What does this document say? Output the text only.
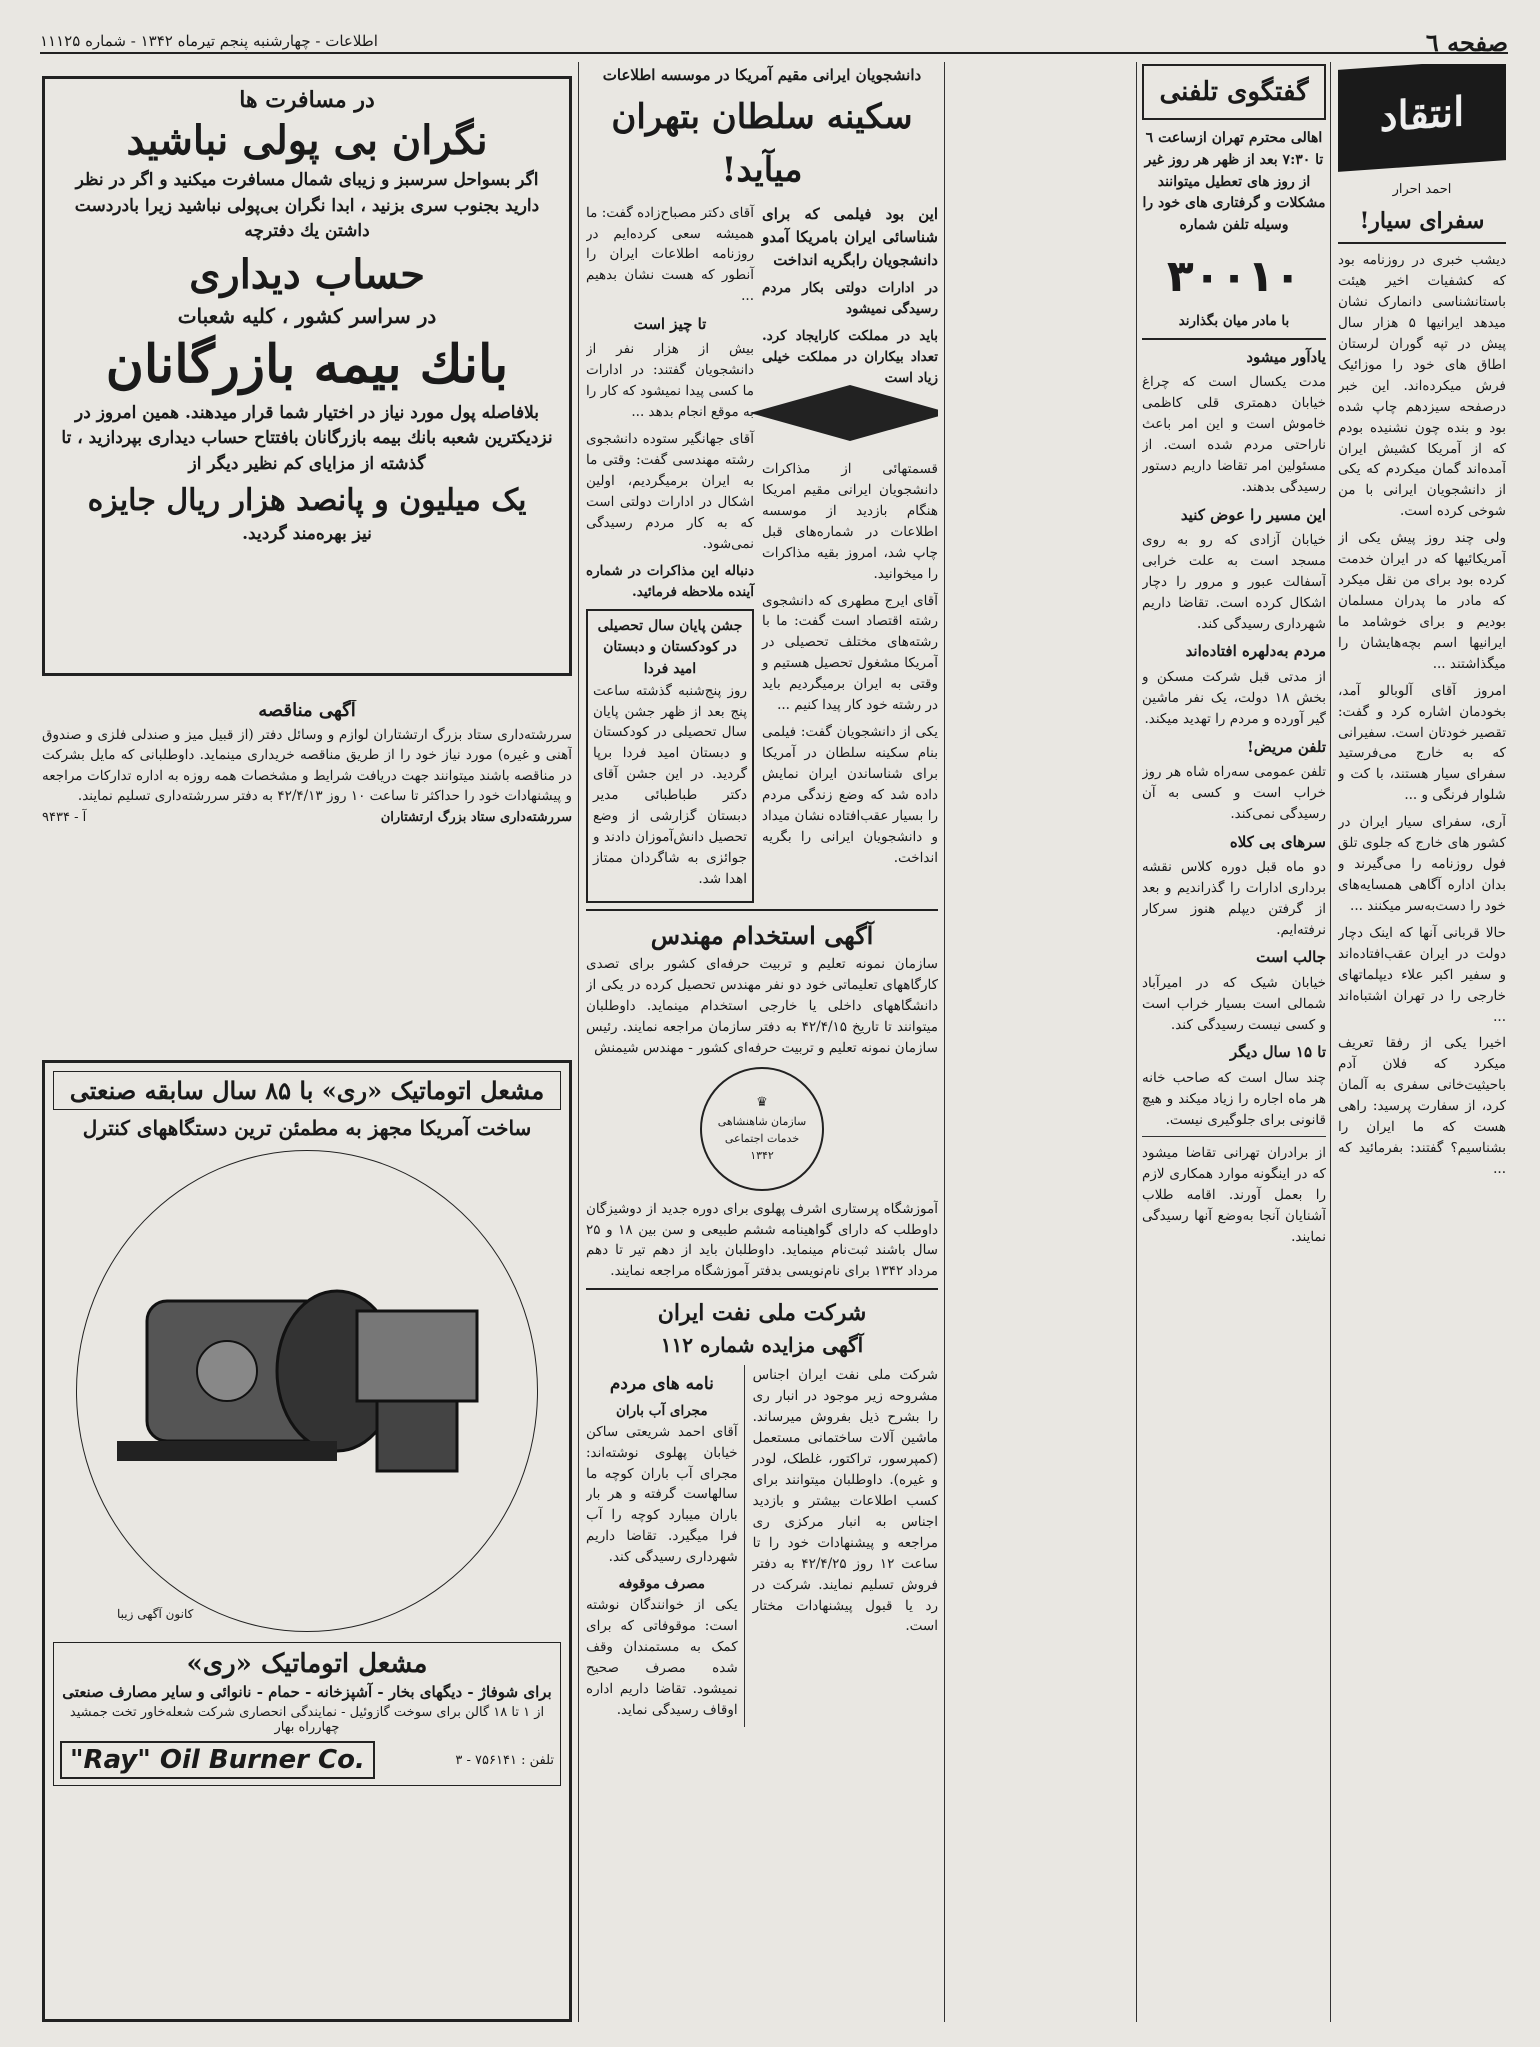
صفحه ٦
اطلاعات - چهارشنبه پنجم تیرماه ۱۳۴۲ - شماره ۱۱۱۲۵
انتقاد
احمد احرار
سفرای سیار!

دیشب خبری در روزنامه بود که کشفیات اخیر هیئت باستانشناسی دانمارک نشان میدهد ایرانیها ۵ هزار سال پیش در تپه گوران لرستان اطاق های خود را موزائیک فرش میکرده‌اند. این خبر درصفحه سیزدهم چاپ شده بود و بنده چون نشنیده بودم که از آمریکا کشیش ایران آمده‌اند گمان میکردم که یکی از دانشجویان ایرانی با من شوخی کرده است.

ولی چند روز پیش یکی از آمریکائیها که در ایران خدمت کرده بود برای من نقل میکرد که مادر ما پدران مسلمان بودیم و برای خوشامد ما ایرانیها اسم بچه‌هایشان را میگذاشتند ...

امروز آقای آلوبالو آمد، بخودمان اشاره کرد و گفت: تقصیر خودتان است. سفیرانی که به خارج می‌فرستید سفرای سیار هستند، با کت و شلوار فرنگی و ...

آری، سفرای سیار ایران در کشور های خارج که جلوی تلق فول روزنامه را می‌گیرند و بدان اداره آگاهی همسایه‌های خود را دست‌به‌سر میکنند ...

حالا قربانی آنها که اینک دچار دولت در ایران عقب‌افتاده‌اند و سفیر اکبر علاء دیپلماتهای خارجی را در تهران اشتباه‌اند ...

اخیرا یکی از رفقا تعریف میکرد که فلان آدم باحیثیت‌خانی سفری به آلمان کرد، از سفارت پرسید: راهی هست که ما ایران را بشناسیم؟ گفتند: بفرمائید که ...

گفتگوی تلفنی

اهالی محترم تهران ازساعت ٦ تا ۷:۳۰ بعد از ظهر هر روز غیر از روز های تعطیل میتوانند مشکلات و گرفتاری های خود را وسیله تلفن شماره

۳۰۰۱۰
با مادر میان بگذارند
یادآور میشود

مدت یکسال است که چراغ خیابان دهمتری قلی کاظمی خاموش است و این امر باعث ناراحتی مردم شده است. از مسئولین امر تقاضا داریم دستور رسیدگی بدهند.

این مسیر را عوض کنید

خیابان آزادی که رو به روی مسجد است به علت خرابی آسفالت عبور و مرور را دچار اشکال کرده است. تقاضا داریم شهرداری رسیدگی کند.

مردم به‌دلهره افتاده‌اند

از مدتی قبل شرکت مسکن و بخش ۱۸ دولت، یک نفر ماشین گیر آورده و مردم را تهدید میکند.

تلفن مریض!

تلفن عمومی سه‌راه شاه هر روز خراب است و کسی به آن رسیدگی نمی‌کند.

سرهای بی کلاه

دو ماه قبل دوره کلاس نقشه برداری ادارات را گذراندیم و بعد از گرفتن دیپلم هنوز سرکار نرفته‌ایم.

جالب است

خیابان شیک که در امیرآباد شمالی است بسیار خراب است و کسی نیست رسیدگی کند.

تا ۱۵ سال دیگر

چند سال است که صاحب خانه هر ماه اجاره را زیاد میکند و هیچ قانونی برای جلوگیری نیست.

از برادران تهرانی تقاضا میشود که در اینگونه موارد همکاری لازم را بعمل آورند. اقامه طلاب آشنایان آنجا به‌وضع آنها رسیدگی نمایند.

دانشجویان ایرانی مقیم آمریکا در موسسه اطلاعات
سکینه سلطان بتهران میآید!

این بود فیلمی که برای شناسائی ایران بامریکا آمدو دانشجویان رابگریه انداخت

در ادارات دولتی بکار مردم رسیدگی نمیشود

باید در مملکت کارایجاد کرد. تعداد بیکاران در مملکت خیلی زیاد است

قسمتهائی از مذاکرات دانشجویان ایرانی مقیم امریکا هنگام بازدید از موسسه اطلاعات در شماره‌های قبل چاپ شد، امروز بقیه مذاکرات را میخوانید.

آقای ایرج مطهری که دانشجوی رشته اقتصاد است گفت: ما با رشته‌های مختلف تحصیلی در آمریکا مشغول تحصیل هستیم و وقتی به ایران برمیگردیم باید در رشته خود کار پیدا کنیم ...

یکی از دانشجویان گفت: فیلمی بنام سکینه سلطان در آمریکا برای شناساندن ایران نمایش داده شد که وضع زندگی مردم را بسیار عقب‌افتاده نشان میداد و دانشجویان ایرانی را بگریه انداخت.

آقای دکتر مصباح‌زاده گفت: ما همیشه سعی کرده‌ایم در روزنامه اطلاعات ایران را آنطور که هست نشان بدهیم ...

تا چیز است

بیش از هزار نفر از دانشجویان گفتند: در ادارات ما کسی پیدا نمیشود که کار را به موقع انجام بدهد ...

آقای جهانگیر ستوده دانشجوی رشته مهندسی گفت: وقتی ما به ایران برمیگردیم، اولین اشکال در ادارات دولتی است که به کار مردم رسیدگی نمی‌شود.

دنباله این مذاکرات در شماره آینده ملاحظه فرمائید.

جشن پایان سال تحصیلی در کودکستان و دبستان امید فردا

روز پنج‌شنبه گذشته ساعت پنج بعد از ظهر جشن پایان سال تحصیلی در کودکستان و دبستان امید فردا برپا گردید. در این جشن آقای دکتر طباطبائی مدیر دبستان گزارشی از وضع تحصیل دانش‌آموزان دادند و جوائزی به شاگردان ممتاز اهدا شد.

آگهی استخدام مهندس

سازمان نمونه تعلیم و تربیت حرفه‌ای کشور برای تصدی کارگاههای تعلیماتی خود دو نفر مهندس تحصیل کرده در یکی از دانشگاههای داخلی یا خارجی استخدام مینماید. داوطلبان میتوانند تا تاریخ ۴۲/۴/۱۵ به دفتر سازمان مراجعه نمایند. رئیس سازمان نمونه تعلیم و تربیت حرفه‌ای کشور - مهندس شیمنش

♛
سازمان شاهنشاهی خدمات اجتماعی
۱۳۴۲

آموزشگاه پرستاری اشرف پهلوی برای دوره جدید از دوشیزگان داوطلب که دارای گواهینامه ششم طبیعی و سن بین ۱۸ و ۲۵ سال باشند ثبت‌نام مینماید. داوطلبان باید از دهم تیر تا دهم مرداد ۱۳۴۲ برای نام‌نویسی بدفتر آموزشگاه مراجعه نمایند.

شرکت ملی نفت ایران
آگهی مزایده شماره ۱۱۲

شرکت ملی نفت ایران اجناس مشروحه زیر موجود در انبار ری را بشرح ذیل بفروش میرساند. ماشین آلات ساختمانی مستعمل (کمپرسور، تراکتور، غلطک، لودر و غیره). داوطلبان میتوانند برای کسب اطلاعات بیشتر و بازدید اجناس به انبار مرکزی ری مراجعه و پیشنهادات خود را تا ساعت ۱۲ روز ۴۲/۴/۲۵ به دفتر فروش تسلیم نمایند. شرکت در رد یا قبول پیشنهادات مختار است.

نامه های مردم
مجرای آب باران

آقای احمد شریعتی ساکن خیابان پهلوی نوشته‌اند: مجرای آب باران کوچه ما سالهاست گرفته و هر بار باران میبارد کوچه را آب فرا میگیرد. تقاضا داریم شهرداری رسیدگی کند.

مصرف موقوفه

یکی از خوانندگان نوشته است: موقوفاتی که برای کمک به مستمندان وقف شده مصرف صحیح نمیشود. تقاضا داریم اداره اوقاف رسیدگی نماید.

در مسافرت ها
نگران بی پولی نباشید
اگر بسواحل سرسبز و زیبای شمال مسافرت میکنید و اگر در نظر دارید بجنوب سری بزنید ، ابدا نگران بی‌پولی نباشید زیرا بادردست داشتن یك دفترچه
حساب دیداری
در سراسر کشور ، کلیه شعبات
بانك بیمه بازرگانان
بلافاصله پول مورد نیاز در اختیار شما قرار میدهند. همین امروز در نزدیکترین شعبه بانك بیمه بازرگانان بافتتاح حساب دیداری بپردازید ، تا گذشته از مزایای کم نظیر دیگر از
یک میلیون و پانصد هزار ریال جایزه
نیز بهره‌مند گردید.
آگهی مناقصه

سررشته‌داری ستاد بزرگ ارتشتاران لوازم و وسائل دفتر (از قبیل میز و صندلی فلزی و صندوق آهنی و غیره) مورد نیاز خود را از طریق مناقصه خریداری مینماید. داوطلبانی که مایل بشرکت در مناقصه باشند میتوانند جهت دریافت شرایط و مشخصات همه روزه به اداره تدارکات مراجعه و پیشنهادات خود را حداکثر تا ساعت ۱۰ روز ۴۲/۴/۱۳ به دفتر سررشته‌داری تسلیم نمایند.

سررشته‌داری ستاد بزرگ ارتشتاران
آ - ۹۴۳۴
مشعل اتوماتیک «ری» با ۸۵ سال سابقه صنعتی
ساخت آمریکا مجهز به مطمئن ترین دستگاههای کنترل
کانون آگهی زیبا
مشعل اتوماتیک «ری»
برای شوفاژ - دیگهای بخار - آشپزخانه - حمام - نانوائی و سایر مصارف صنعتی
از ۱ تا ۱۸ گالن برای سوخت گازوئیل - نمایندگی انحصاری شرکت شعله‌خاور تخت جمشید چهارراه بهار
"Ray" Oil Burner Co.	تلفن : ۷۵۶۱۴۱ - ۳
